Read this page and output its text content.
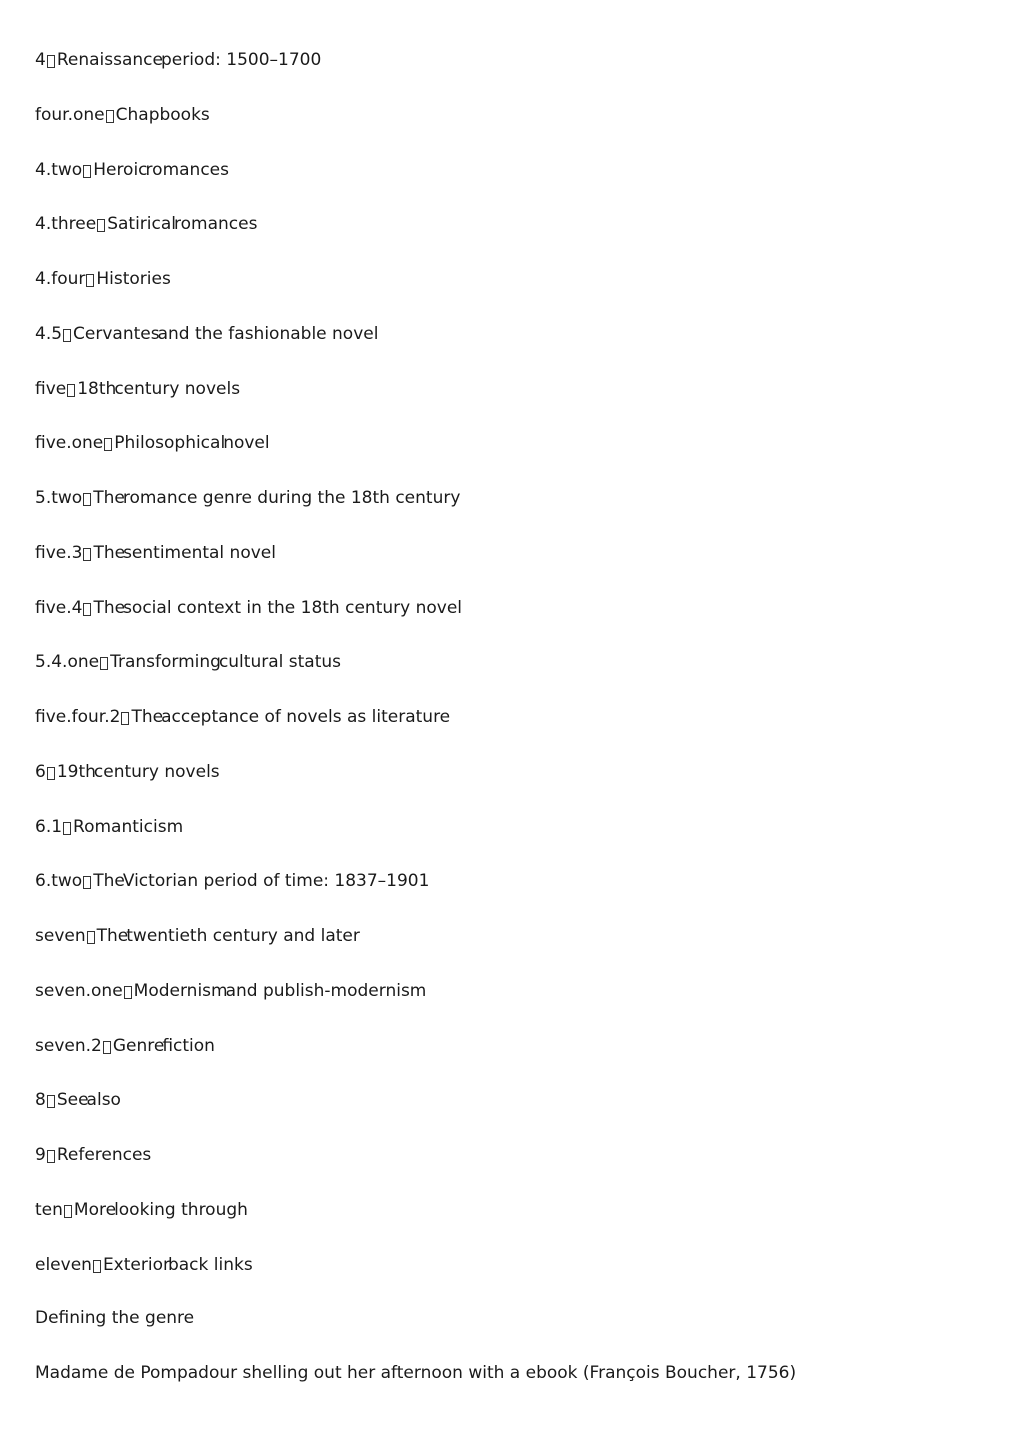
4 Renaissance
period: 1500–1700
four.one Chapbooks
4.two Heroic
romances
4.three Satirical
romances
4.four Histories
4.5 Cervantes
and the fashionable novel
five 18th
century novels
five.one Philosophical
novel
5.two The
romance genre during the 18th century
five.3 The
sentimental novel
five.4 The
social context in the 18th century novel
5.4.one Transforming
cultural status
five.four.2 The
acceptance of novels as literature
6 19th
century novels
6.1 Romanticism
6.two The
Victorian period of time: 1837–1901
seven The
twentieth century and later
seven.one Modernism
and publish-modernism
seven.2 Genre
fiction
8 See
also
9 References
ten More
looking through
eleven Exterior
back links
Defining the genre
Madame de Pompadour shelling out her afternoon with a ebook (François Boucher, 1756)
